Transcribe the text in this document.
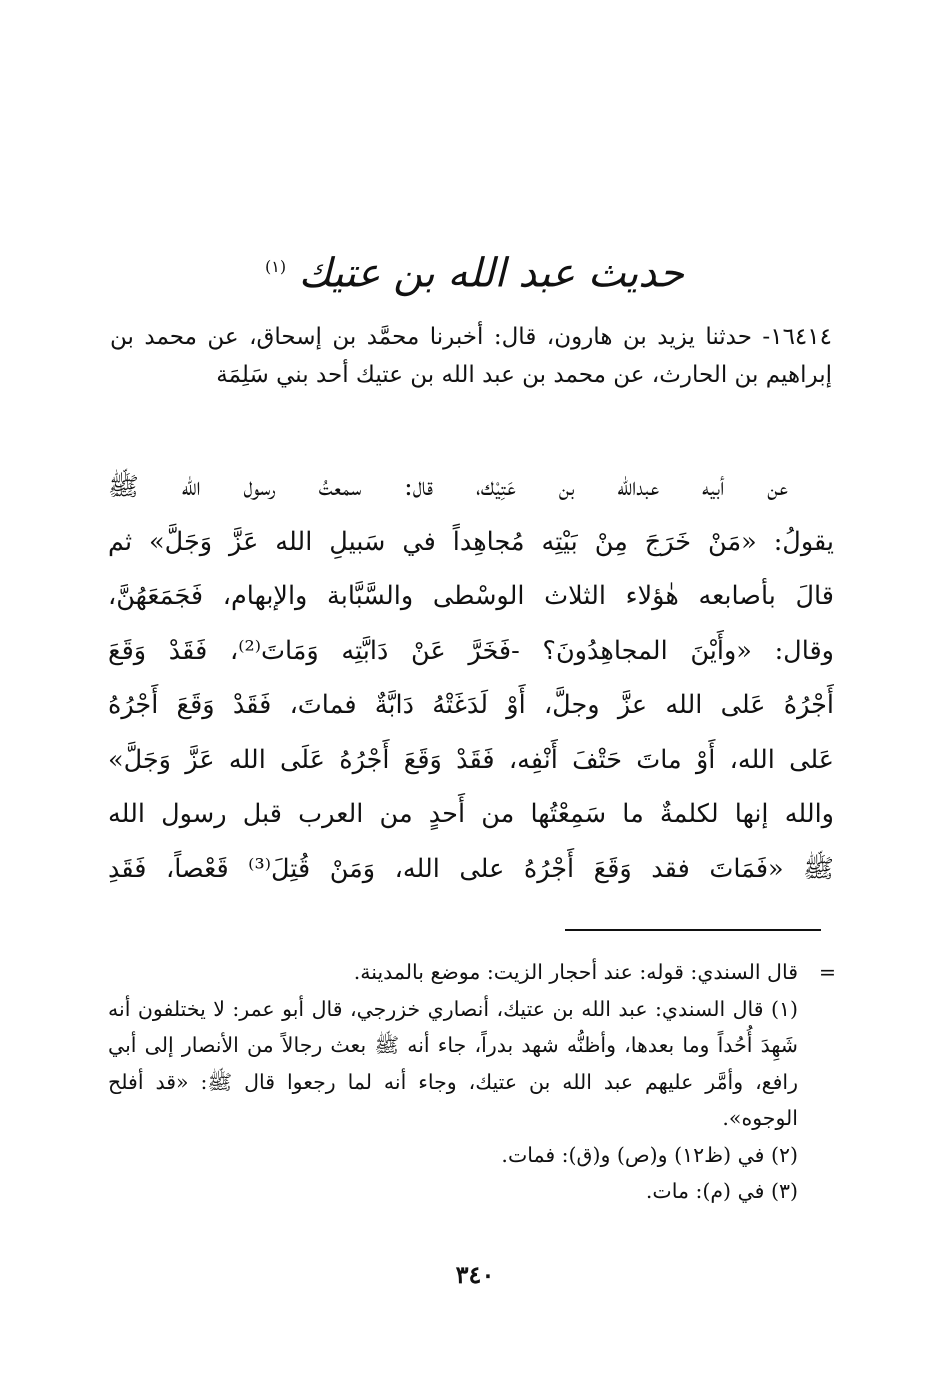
حديث عبد الله بن عتيك $^{(١)}$
١٦٤١٤- حدثنا يزيد بن هارون، قال: أخبرنا محمَّد بن إسحاق، عن محمد بن إبراهيم بن الحارث، عن محمد بن عبد الله بن عتيك أحد بني سَلِمَة
عن أبيه عبدالله بن عَتِيْك، قال: سمعتُ رسول الله ﷺ
يقولُ: «مَنْ خَرَجَ مِنْ بَيْتِه مُجاهِداً في سَبيلِ الله عَزَّ وَجَلَّ» ثم
قالَ بأصابعه هٰؤلاء الثلاث الوسْطى والسَّبَّابة والإبهام، فَجَمَعَهُنَّ،
وقال: «وأَيْنَ المجاهِدُونَ؟ -فَخَرَّ عَنْ دَابَّتِه وَمَاتَ⁽²⁾، فَقَدْ وَقَعَ
أَجْرُهُ عَلى الله عزَّ وجلَّ، أَوْ لَدَغَتْهُ دَابَّةٌ فماتَ، فَقَدْ وَقَعَ أَجْرُهُ
عَلى الله، أَوْ ماتَ حَتْفَ أَنْفِه، فَقَدْ وَقَعَ أَجْرُهُ عَلَى الله عَزَّ وَجَلَّ»
والله إنها لكلمةٌ ما سَمِعْتُها من أَحدٍ من العرب قبل رسول الله
ﷺ «فَمَاتَ فقد وَقَعَ أَجْرُهُ على الله، وَمَنْ قُتِلَ⁽³⁾ قَعْصاً، فَقَدِ
=قال السندي: قوله: عند أحجار الزيت: موضع بالمدينة.
(١) قال السندي: عبد الله بن عتيك، أنصاري خزرجي، قال أبو عمر: لا يختلفون أنه شَهِدَ أُحُداً وما بعدها، وأظنُّه شهد بدراً، جاء أنه ﷺ بعث رجالاً من الأنصار إلى أبي رافع، وأمَّر عليهم عبد الله بن عتيك، وجاء أنه لما رجعوا قال ﷺ: «قد أفلح الوجوه».
(٢) في (ظ١٢) و(ص) و(ق): فمات.
(٣) في (م): مات.
٣٤٠
